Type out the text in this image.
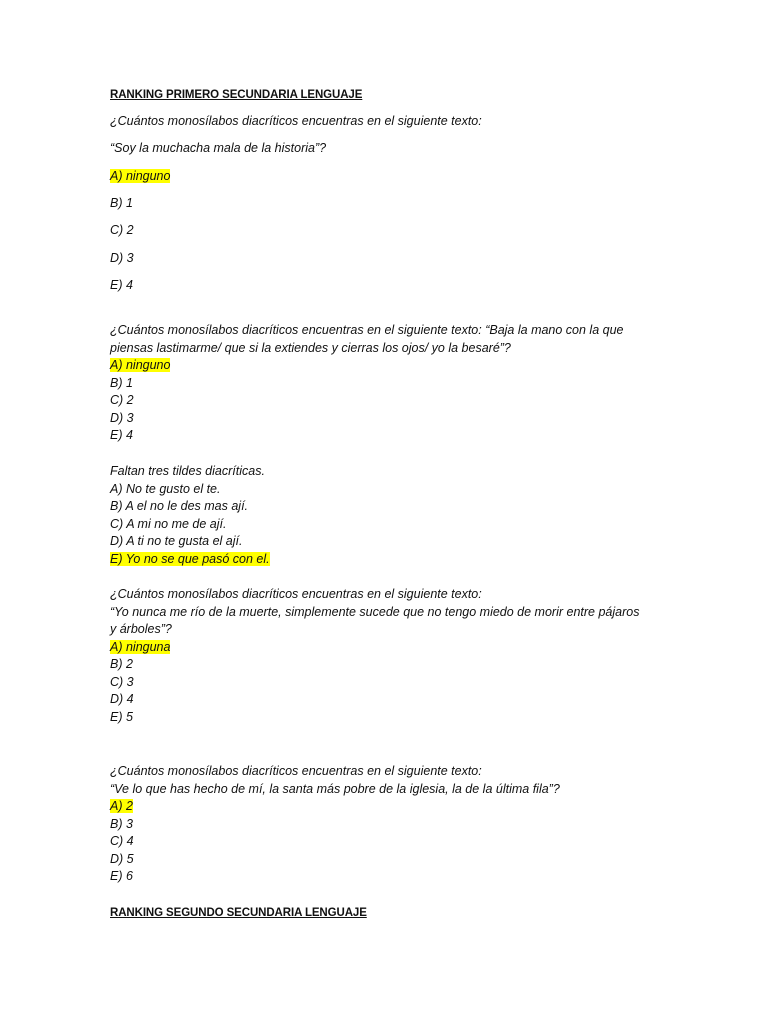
RANKING PRIMERO SECUNDARIA LENGUAJE
¿Cuántos monosílabos diacríticos encuentras en el siguiente texto:
“Soy la muchacha mala de la historia”?
A) ninguno
B) 1
C) 2
D) 3
E) 4
¿Cuántos monosílabos diacríticos encuentras en el siguiente texto: “Baja la mano con la que
piensas lastimarme/ que si la extiendes y cierras los ojos/ yo la besaré”?
A) ninguno
B) 1
C) 2
D) 3
E) 4
Faltan tres tildes diacríticas.
A) No te gusto el te.
B) A el no le des mas ají.
C) A mi no me de ají.
D) A ti no te gusta el ají.
E) Yo no se que pasó con el.
¿Cuántos monosílabos diacríticos encuentras en el siguiente texto:
“Yo nunca me río de la muerte, simplemente sucede que no tengo miedo de morir entre pájaros
y árboles”?
A) ninguna
B) 2
C) 3
D) 4
E) 5
¿Cuántos monosílabos diacríticos encuentras en el siguiente texto:
“Ve lo que has hecho de mí, la santa más pobre de la iglesia, la de la última fila”?
A) 2
B) 3
C) 4
D) 5
E) 6
RANKING SEGUNDO SECUNDARIA LENGUAJE
